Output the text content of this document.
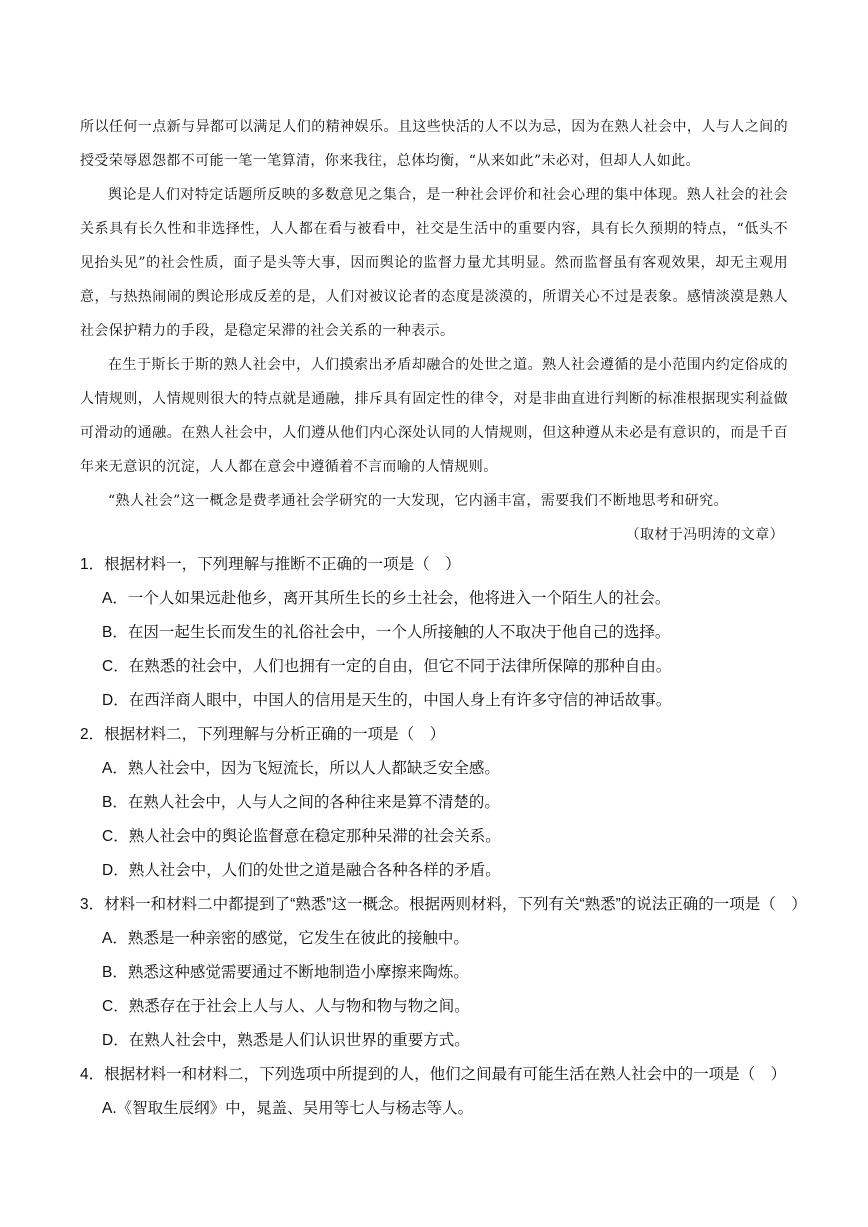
所以任何一点新与异都可以满足人们的精神娱乐。且这些快活的人不以为忌，因为在熟人社会中，人与人之间的授受荣辱恩怨都不可能一笔一笔算清，你来我往，总体均衡，“从来如此”未必对，但却人人如此。

舆论是人们对特定话题所反映的多数意见之集合，是一种社会评价和社会心理的集中体现。熟人社会的社会关系具有长久性和非选择性，人人都在看与被看中，社交是生活中的重要内容，具有长久预期的特点，“低头不见抬头见”的社会性质，面子是头等大事，因而舆论的监督力量尤其明显。然而监督虽有客观效果，却无主观用意，与热热闹闹的舆论形成反差的是，人们对被议论者的态度是淡漠的，所谓关心不过是表象。感情淡漠是熟人社会保护精力的手段，是稳定呆滞的社会关系的一种表示。

在生于斯长于斯的熟人社会中，人们摸索出矛盾却融合的处世之道。熟人社会遵循的是小范围内约定俗成的人情规则，人情规则很大的特点就是通融，排斥具有固定性的律令，对是非曲直进行判断的标准根据现实利益做可滑动的通融。在熟人社会中，人们遵从他们内心深处认同的人情规则，但这种遵从未必是有意识的，而是千百年来无意识的沉淀，人人都在意会中遵循着不言而喻的人情规则。

“熟人社会”这一概念是费孝通社会学研究的一大发现，它内涵丰富，需要我们不断地思考和研究。

（取材于冯明涛的文章）

1．根据材料一，下列理解与推断不正确的一项是（　）
A．一个人如果远赴他乡，离开其所生长的乡土社会，他将进入一个陌生人的社会。
B．在因一起生长而发生的礼俗社会中，一个人所接触的人不取决于他自己的选择。
C．在熟悉的社会中，人们也拥有一定的自由，但它不同于法律所保障的那种自由。
D．在西洋商人眼中，中国人的信用是天生的，中国人身上有许多守信的神话故事。
2．根据材料二，下列理解与分析正确的一项是（　）
A．熟人社会中，因为飞短流长，所以人人都缺乏安全感。
B．在熟人社会中，人与人之间的各种往来是算不清楚的。
C．熟人社会中的舆论监督意在稳定那种呆滞的社会关系。
D．熟人社会中，人们的处世之道是融合各种各样的矛盾。
3．材料一和材料二中都提到了“熟悉”这一概念。根据两则材料，下列有关“熟悉”的说法正确的一项是（　）
A．熟悉是一种亲密的感觉，它发生在彼此的接触中。
B．熟悉这种感觉需要通过不断地制造小摩擦来陶炼。
C．熟悉存在于社会上人与人、人与物和物与物之间。
D．在熟人社会中，熟悉是人们认识世界的重要方式。
4．根据材料一和材料二，下列选项中所提到的人，他们之间最有可能生活在熟人社会中的一项是（　）
A.《智取生辰纲》中，晁盖、吴用等七人与杨志等人。
